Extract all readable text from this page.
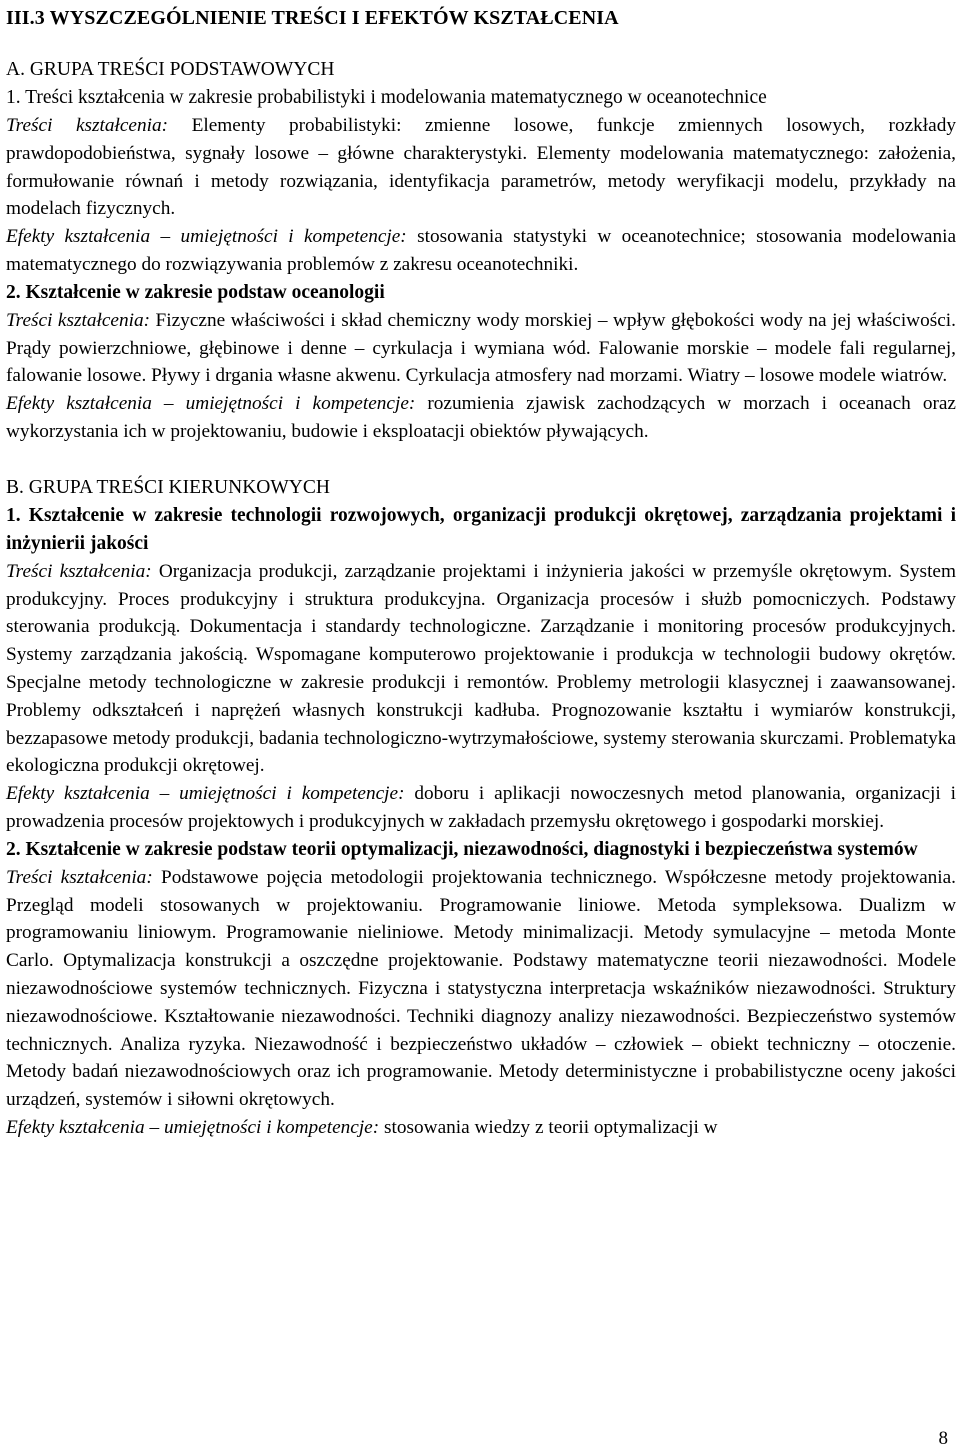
III.3 WYSZCZEGÓLNIENIE TREŚCI I EFEKTÓW KSZTAŁCENIA
A. GRUPA TREŚCI PODSTAWOWYCH
1. Treści kształcenia w zakresie probabilistyki i modelowania matematycznego w oceanotechnice

Treści kształcenia: Elementy probabilistyki: zmienne losowe, funkcje zmiennych losowych, rozkłady prawdopodobieństwa, sygnały losowe – główne charakterystyki. Elementy modelowania matematycznego: założenia, formułowanie równań i metody rozwiązania, identyfikacja parametrów, metody weryfikacji modelu, przykłady na modelach fizycznych.

Efekty kształcenia – umiejętności i kompetencje: stosowania statystyki w oceanotechnice; stosowania modelowania matematycznego do rozwiązywania problemów z zakresu oceanotechniki.

2. Kształcenie w zakresie podstaw oceanologii

Treści kształcenia: Fizyczne właściwości i skład chemiczny wody morskiej – wpływ głębokości wody na jej właściwości. Prądy powierzchniowe, głębinowe i denne – cyrkulacja i wymiana wód. Falowanie morskie – modele fali regularnej, falowanie losowe. Pływy i drgania własne akwenu. Cyrkulacja atmosfery nad morzami. Wiatry – losowe modele wiatrów.

Efekty kształcenia – umiejętności i kompetencje: rozumienia zjawisk zachodzących w morzach i oceanach oraz wykorzystania ich w projektowaniu, budowie i eksploatacji obiektów pływających.

B. GRUPA TREŚCI KIERUNKOWYCH

1. Kształcenie w zakresie technologii rozwojowych, organizacji produkcji okrętowej, zarządzania projektami i inżynierii jakości

Treści kształcenia: Organizacja produkcji, zarządzanie projektami i inżynieria jakości w przemyśle okrętowym. System produkcyjny. Proces produkcyjny i struktura produkcyjna. Organizacja procesów i służb pomocniczych. Podstawy sterowania produkcją. Dokumentacja i standardy technologiczne. Zarządzanie i monitoring procesów produkcyjnych. Systemy zarządzania jakością. Wspomagane komputerowo projektowanie i produkcja w technologii budowy okrętów. Specjalne metody technologiczne w zakresie produkcji i remontów. Problemy metrologii klasycznej i zaawansowanej. Problemy odkształceń i naprężeń własnych konstrukcji kadłuba. Prognozowanie kształtu i wymiarów konstrukcji, bezzapasowe metody produkcji, badania technologiczno-wytrzymałościowe, systemy sterowania skurczami. Problematyka ekologiczna produkcji okrętowej.

Efekty kształcenia – umiejętności i kompetencje: doboru i aplikacji nowoczesnych metod planowania, organizacji i prowadzenia procesów projektowych i produkcyjnych w zakładach przemysłu okrętowego i gospodarki morskiej.

2. Kształcenie w zakresie podstaw teorii optymalizacji, niezawodności, diagnostyki i bezpieczeństwa systemów

Treści kształcenia: Podstawowe pojęcia metodologii projektowania technicznego. Współczesne metody projektowania. Przegląd modeli stosowanych w projektowaniu. Programowanie liniowe. Metoda sympleksowa. Dualizm w programowaniu liniowym. Programowanie nieliniowe. Metody minimalizacji. Metody symulacyjne – metoda Monte Carlo. Optymalizacja konstrukcji a oszczędne projektowanie. Podstawy matematyczne teorii niezawodności. Modele niezawodnościowe systemów technicznych. Fizyczna i statystyczna interpretacja wskaźników niezawodności. Struktury niezawodnościowe. Kształtowanie niezawodności. Techniki diagnozy analizy niezawodności. Bezpieczeństwo systemów technicznych. Analiza ryzyka. Niezawodność i bezpieczeństwo układów – człowiek – obiekt techniczny – otoczenie. Metody badań niezawodnościowych oraz ich programowanie. Metody deterministyczne i probabilistyczne oceny jakości urządzeń, systemów i siłowni okrętowych.

Efekty kształcenia – umiejętności i kompetencje: stosowania wiedzy z teorii optymalizacji w

8
